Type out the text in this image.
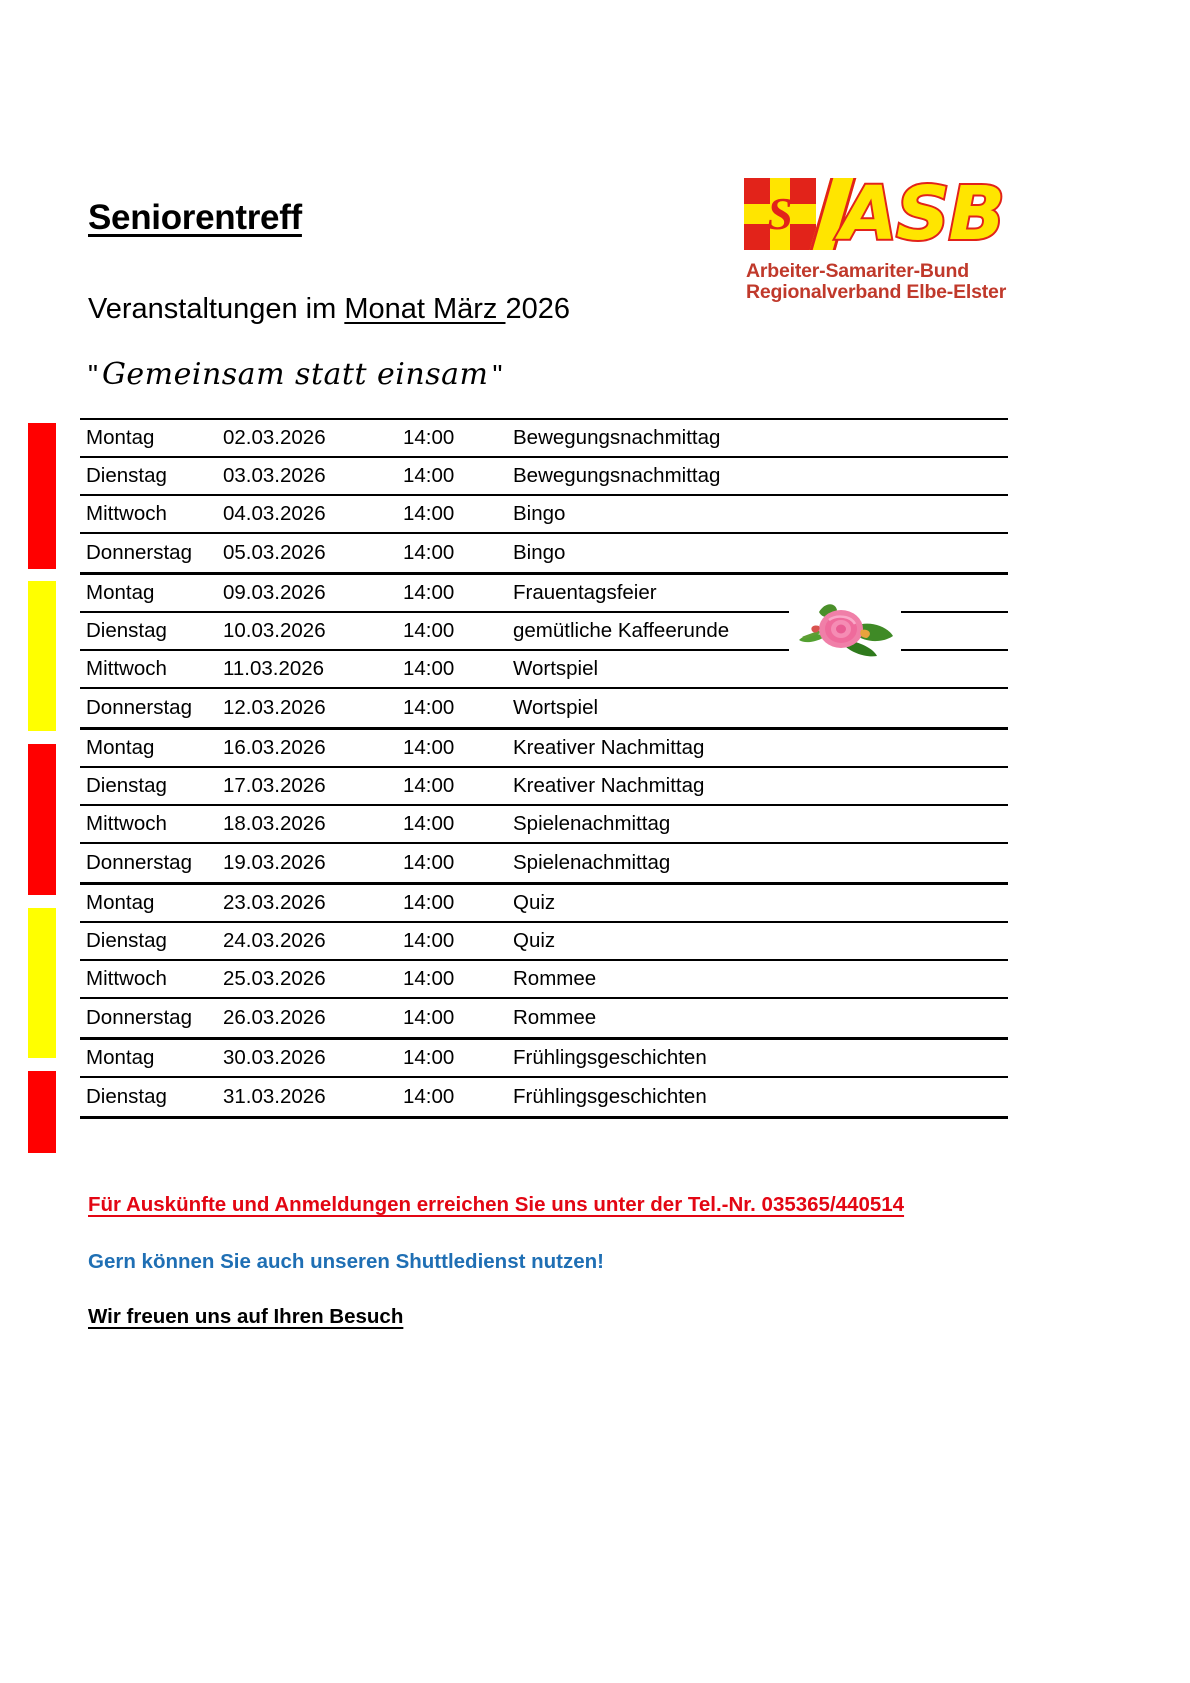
Seniorentreff
Veranstaltungen im Monat März 2026
" Gemeinsam statt einsam "
S ASB
Arbeiter-Samariter-Bund
Regionalverband Elbe-Elster
Montag	02.03.2026	14:00	Bewegungsnachmittag
Dienstag	03.03.2026	14:00	Bewegungsnachmittag
Mittwoch	04.03.2026	14:00	Bingo
Donnerstag	05.03.2026	14:00	Bingo
Montag	09.03.2026	14:00	Frauentagsfeier
Dienstag	10.03.2026	14:00	gemütliche Kaffeerunde
Mittwoch	11.03.2026	14:00	Wortspiel
Donnerstag	12.03.2026	14:00	Wortspiel
Montag	16.03.2026	14:00	Kreativer Nachmittag
Dienstag	17.03.2026	14:00	Kreativer Nachmittag
Mittwoch	18.03.2026	14:00	Spielenachmittag
Donnerstag	19.03.2026	14:00	Spielenachmittag
Montag	23.03.2026	14:00	Quiz
Dienstag	24.03.2026	14:00	Quiz
Mittwoch	25.03.2026	14:00	Rommee
Donnerstag	26.03.2026	14:00	Rommee
Montag	30.03.2026	14:00	Frühlingsgeschichten
Dienstag	31.03.2026	14:00	Frühlingsgeschichten
Für Auskünfte und Anmeldungen erreichen Sie uns unter der Tel.-Nr. 035365/440514
Gern können Sie auch unseren Shuttledienst nutzen!
Wir freuen uns auf Ihren Besuch
